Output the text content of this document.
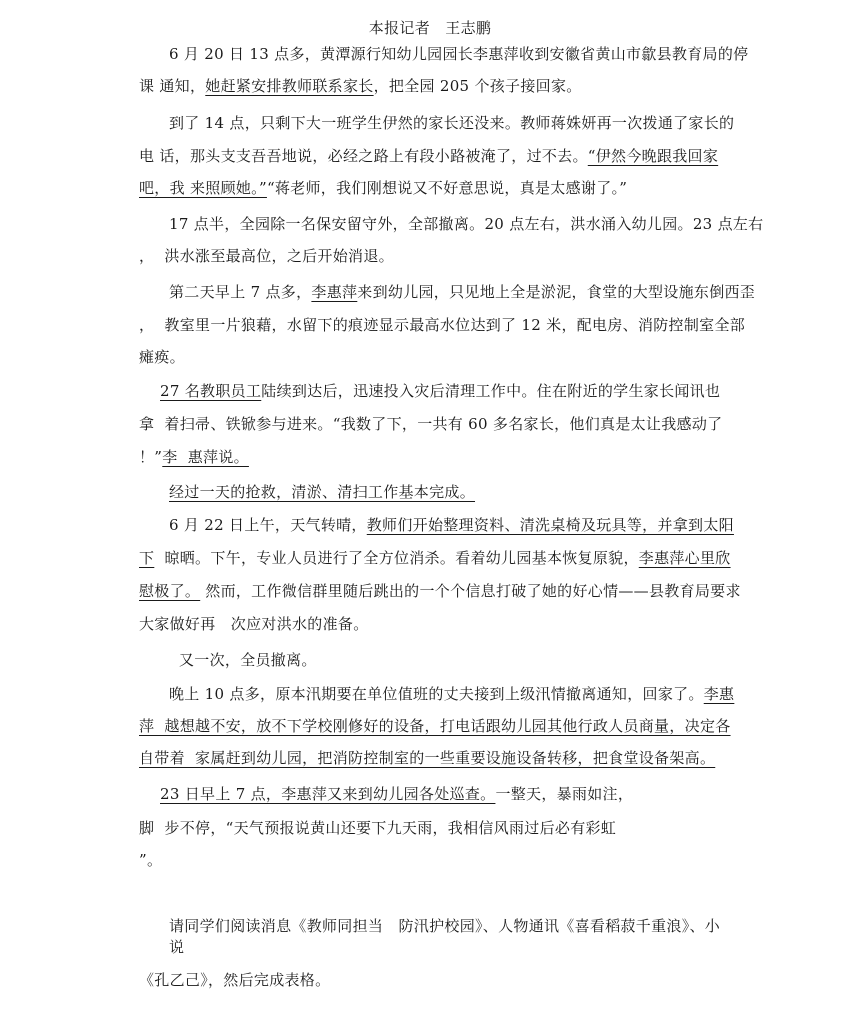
本报记者　王志鹏
6 月 20 日 13 点多，黄潭源行知幼儿园园长李惠萍收到安徽省黄山市歙县教育局的停
课 通知，她赶紧安排教师联系家长，把全园 205 个孩子接回家。
到了 14 点，只剩下大一班学生伊然的家长还没来。教师蒋姝妍再一次拨通了家长的
电 话，那头支支吾吾地说，必经之路上有段小路被淹了，过不去。“伊然今晚跟我回家
吧，我 来照顾她。”“蒋老师，我们刚想说又不好意思说，真是太感谢了。”
17 点半，全园除一名保安留守外，全部撤离。20 点左右，洪水涌入幼儿园。23 点左右
，  洪水涨至最高位，之后开始消退。
第二天早上 7 点多，李惠萍来到幼儿园，只见地上全是淤泥，食堂的大型设施东倒西歪
，  教室里一片狼藉，水留下的痕迹显示最高水位达到了 12 米，配电房、消防控制室全部
瘫痪。
27 名教职员工陆续到达后，迅速投入灾后清理工作中。住在附近的学生家长闻讯也
拿  着扫帚、铁锨参与进来。“我数了下，一共有 60 多名家长，他们真是太让我感动了
！”李  惠萍说。
经过一天的抢救，清淤、清扫工作基本完成。
6 月 22 日上午，天气转晴，教师们开始整理资料、清洗桌椅及玩具等，并拿到太阳
下  晾晒。下午，专业人员进行了全方位消杀。看着幼儿园基本恢复原貌，李惠萍心里欣
慰极了。 然而，工作微信群里随后跳出的一个个信息打破了她的好心情——县教育局要求
大家做好再　次应对洪水的准备。
又一次，全员撤离。
晚上 10 点多，原本汛期要在单位值班的丈夫接到上级汛情撤离通知，回家了。李惠
萍  越想越不安，放不下学校刚修好的设备，打电话跟幼儿园其他行政人员商量，决定各
自带着  家属赶到幼儿园，把消防控制室的一些重要设施设备转移，把食堂设备架高。
23 日早上 7 点，李惠萍又来到幼儿园各处巡查。一整天，暴雨如注，
脚  步不停，“天气预报说黄山还要下九天雨，我相信风雨过后必有彩虹
”。
请同学们阅读消息《教师同担当　防汛护校园》、人物通讯《喜看稻菽千重浪》、小
说
《孔乙己》，然后完成表格。
